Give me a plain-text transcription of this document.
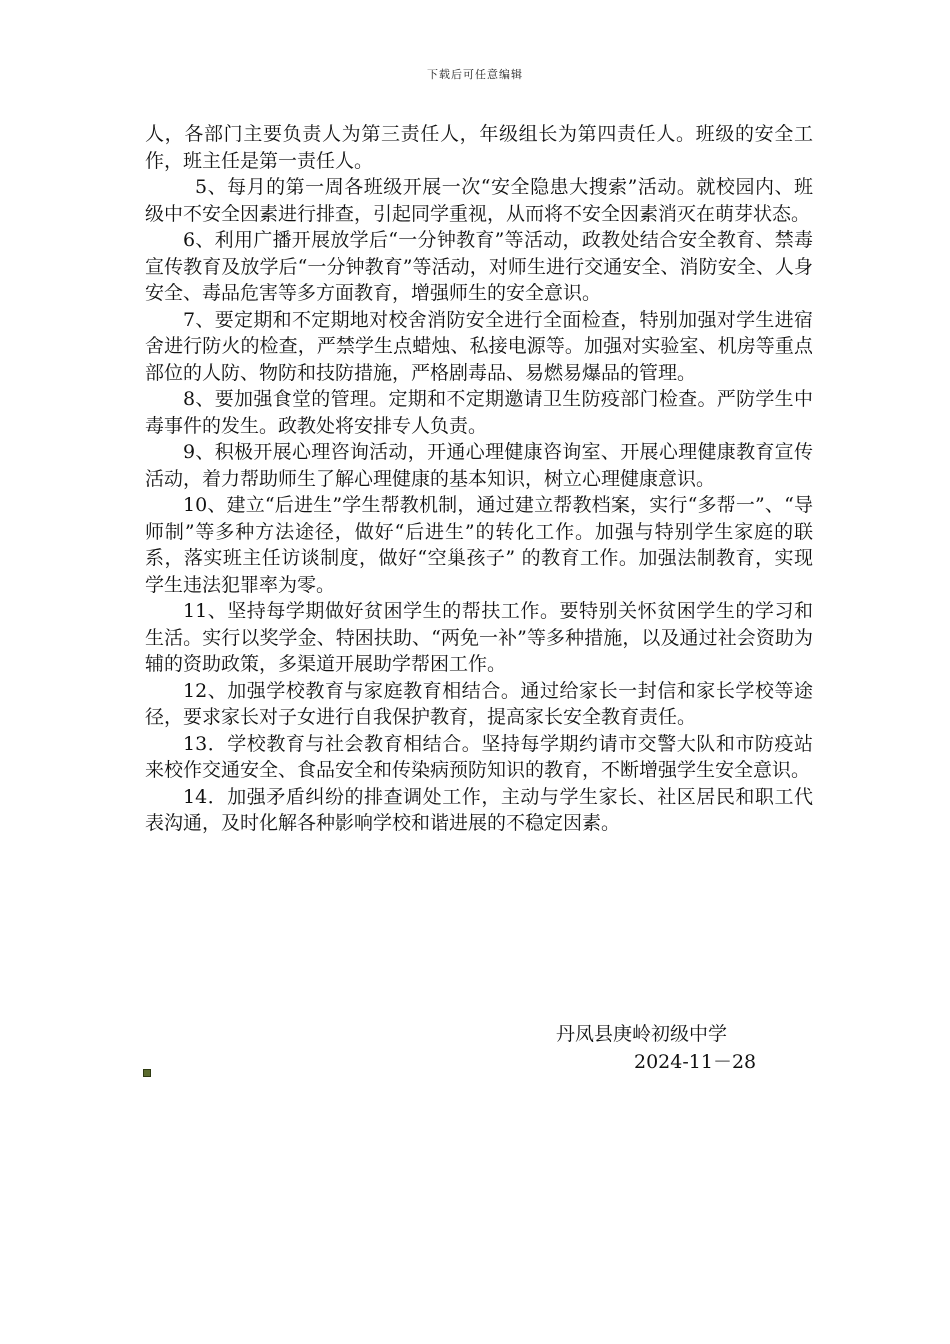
下载后可任意编辑

人，各部门主要负责人为第三责任人，年级组长为第四责任人。班级的安全工作，班主任是第一责任人。

5、每月的第一周各班级开展一次“安全隐患大搜索”活动。就校园内、班级中不安全因素进行排查，引起同学重视，从而将不安全因素消灭在萌芽状态。

6、利用广播开展放学后“一分钟教育”等活动，政教处结合安全教育、禁毒宣传教育及放学后“一分钟教育”等活动，对师生进行交通安全、消防安全、人身安全、毒品危害等多方面教育，增强师生的安全意识。

7、要定期和不定期地对校舍消防安全进行全面检查，特别加强对学生进宿舍进行防火的检查，严禁学生点蜡烛、私接电源等。加强对实验室、机房等重点部位的人防、物防和技防措施，严格剧毒品、易燃易爆品的管理。

8、要加强食堂的管理。定期和不定期邀请卫生防疫部门检查。严防学生中毒事件的发生。政教处将安排专人负责。

9、积极开展心理咨询活动，开通心理健康咨询室、开展心理健康教育宣传活动，着力帮助师生了解心理健康的基本知识，树立心理健康意识。

10、建立“后进生”学生帮教机制，通过建立帮教档案，实行“多帮一”、“导师制”等多种方法途径，做好“后进生”的转化工作。加强与特别学生家庭的联系，落实班主任访谈制度，做好“空巢孩子” 的教育工作。加强法制教育，实现学生违法犯罪率为零。

11、坚持每学期做好贫困学生的帮扶工作。要特别关怀贫困学生的学习和生活。实行以奖学金、特困扶助、“两免一补”等多种措施，以及通过社会资助为辅的资助政策，多渠道开展助学帮困工作。

12、加强学校教育与家庭教育相结合。通过给家长一封信和家长学校等途径，要求家长对子女进行自我保护教育，提高家长安全教育责任。

13．学校教育与社会教育相结合。坚持每学期约请市交警大队和市防疫站来校作交通安全、食品安全和传染病预防知识的教育，不断增强学生安全意识。

14．加强矛盾纠纷的排查调处工作，主动与学生家长、社区居民和职工代表沟通，及时化解各种影响学校和谐进展的不稳定因素。

丹凤县庚岭初级中学
2024-11－28
